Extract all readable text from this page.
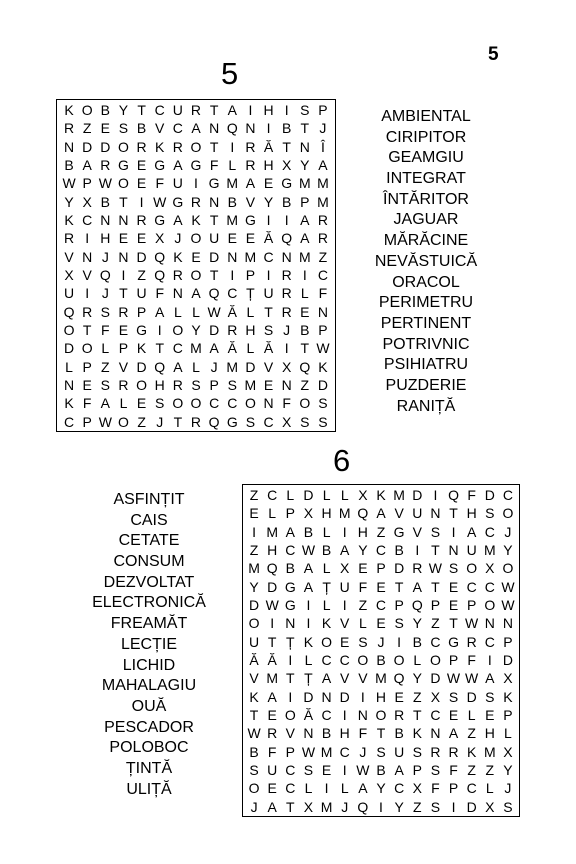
5
5
K O B Y T C U R T A I H I S P
R Z E S B V C A N Q N I B T J
N D D O R K R O T I R Ă T N Î
B A R G E G A G F L R H X Y A
W P W O E F U I G M A E G M M
Y X B T I W G R N B V Y B P M
K C N N R G A K T M G I	I A R
R I H E E X J O U E E Ă Q A R
V N J N D Q K E D N M C N M Z
X V Q I Z Q R O T I P I R I C
U I J T U F N A Q C Ț U R L F
Q R S R P A L L W Ă L T R E N
O T F E G I O Y D R H S J B P
D O L P K T C M A Ă L Ă I T W
L P Z V D Q A L J M D V X Q K
N E S R O H R S P S M E N Z D
K F A L E S O O C C O N F O S
C P W O Z J T R Q G S C X S S
AMBIENTAL
CIRIPITOR
GEAMGIU
INTEGRAT
ÎNTĂRITOR
JAGUAR
MĂRĂCINE
NEVĂSTUICĂ
ORACOL
PERIMETRU
PERTINENT
POTRIVNIC
PSIHIATRU
PUZDERIE
RANIȚĂ
6
Z C L D L L X K M D I Q F D C
E L P X H M Q A V U N T H S O
I M A B L I H Z G V S I A C J
Z H C W B A Y C B I T N U M Y
M Q B A L X E P D R W S O X O
Y D G A Ț U F E T A T E C C W
D W G I L I Z C P Q P E P O W
O I N I K V L E S Y Z T W N N
U T Ț K O E S J I B C G R C P
Ă Ă I L C C O B O L O P F I D
V M T Ț A V V M Q Y D W W A X
K A I D N D I H E Z X S D S K
T E O Ă C I N O R T C E L E P
W R V N B H F T B K N A Z H L
B F P W M C J S U S R R K M X
S U C S E I W B A P S F Z Z Y
O E C L I L A Y C X F P C L J
J A T X M J Q I Y Z S I D X S
ASFINȚIT
CAIS
CETATE
CONSUM
DEZVOLTAT
ELECTRONICĂ
FREAMĂT
LECȚIE
LICHID
MAHALAGIU
OUĂ
PESCADOR
POLOBOC
ȚINTĂ
ULIȚĂ
